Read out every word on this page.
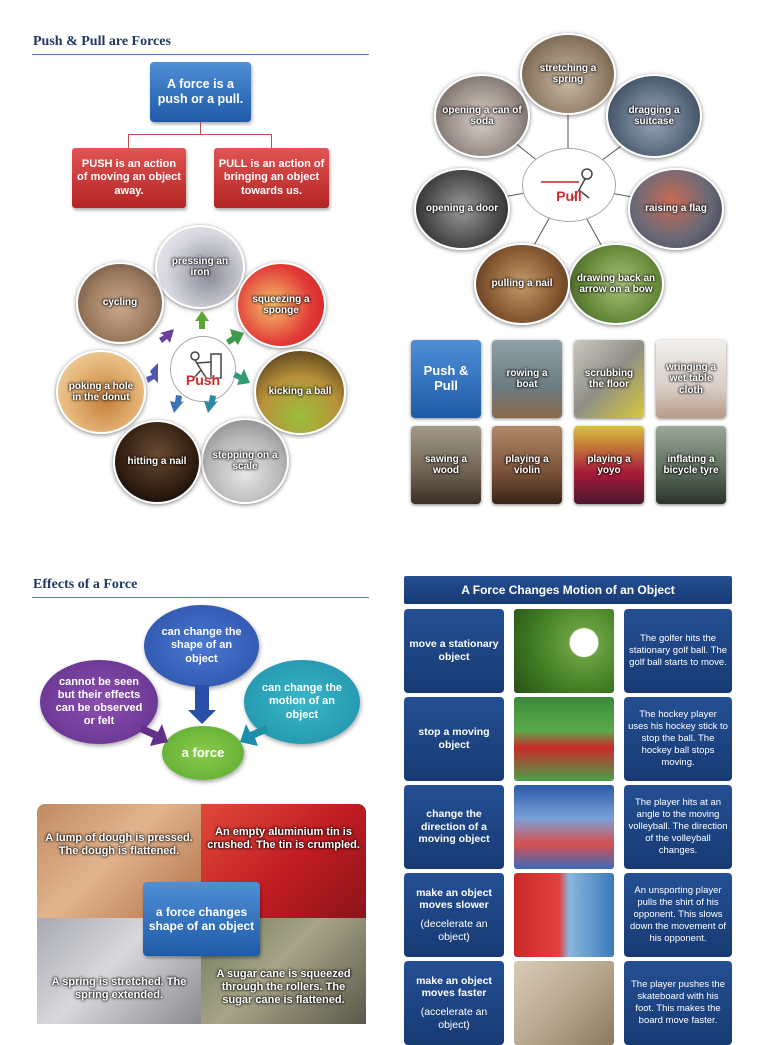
Push & Pull are Forces
A force is a push or a pull.
PUSH is an action of moving an object away.
PULL is an action of bringing an object towards us.
Push
pressing an iron
squeezing a sponge
kicking a ball
stepping on a scale
hitting a nail
poking a hole in the donut
cycling
Pull
stretching a spring
dragging a suitcase
raising a flag
drawing back an arrow on a bow
pulling a nail
opening a door
opening a can of soda
Push & Pull
rowing a boat
scrubbing the floor
wringing a wet table cloth
sawing a wood
playing a violin
playing a yoyo
inflating a bicycle tyre
Effects of a Force
can change the shape of an object
cannot be seen but their effects can be observed or felt
can change the motion of an object
a force
A lump of dough is pressed. The dough is flattened.
An empty aluminium tin is crushed. The tin is crumpled.
A spring is stretched. The spring extended.
A sugar cane is squeezed through the rollers. The sugar cane is flattened.
a force changes shape of an object
A Force Changes Motion of an Object
move a stationary object
The golfer hits the stationary golf ball. The golf ball starts to move.
stop a moving object
The hockey player uses his hockey stick to stop the ball. The hockey ball stops moving.
change the direction of a moving object
The player hits at an angle to the moving volleyball. The direction of the volleyball changes.
make an object moves slower
(decelerate an object)
An unsporting player pulls the shirt of his opponent. This slows down the movement of his opponent.
make an object moves faster
(accelerate an object)
The player pushes the skateboard with his foot. This makes the board move faster.
